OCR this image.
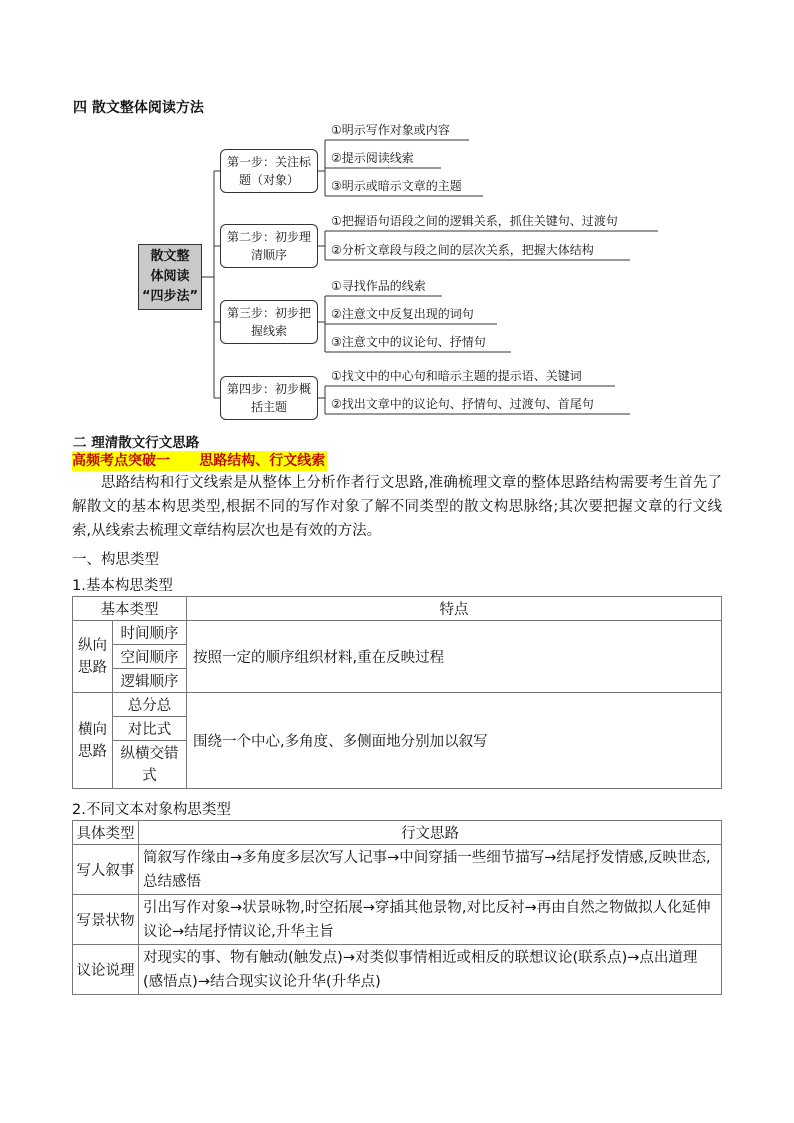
四 散文整体阅读方法
散文整
体阅读
“四步法”
第一步：关注标题（对象）
第二步：初步理清顺序
第三步：初步把握线索
第四步：初步概括主题
①明示写作对象或内容
②提示阅读线索
③明示或暗示文章的主题
①把握语句语段之间的逻辑关系，抓住关键句、过渡句
②分析文章段与段之间的层次关系，把握大体结构
①寻找作品的线索
②注意文中反复出现的词句
③注意文中的议论句、抒情句
①找文中的中心句和暗示主题的提示语、关键词
②找出文章中的议论句、抒情句、过渡句、首尾句
二 理清散文行文思路
高频考点突破一      思路结构、行文线索
思路结构和行文线索是从整体上分析作者行文思路,准确梳理文章的整体思路结构需要考生首先了解散文的基本构思类型,根据不同的写作对象了解不同类型的散文构思脉络;其次要把握文章的行文线索,从线索去梳理文章结构层次也是有效的方法。
一、构思类型
1.基本构思类型
基本类型		特点
纵向思路	时间顺序	按照一定的顺序组织材料,重在反映过程
	空间顺序	
	逻辑顺序	
横向思路	总分总	围绕一个中心,多角度、多侧面地分别加以叙写
	对比式	
	纵横交错式	
2.不同文本对象构思类型
具体类型	行文思路
写人叙事	简叙写作缘由→多角度多层次写人记事→中间穿插一些细节描写→结尾抒发情感,反映世态,总结感悟
写景状物	引出写作对象→状景咏物,时空拓展→穿插其他景物,对比反衬→再由自然之物做拟人化延伸议论→结尾抒情议论,升华主旨
议论说理	对现实的事、物有触动(触发点)→对类似事情相近或相反的联想议论(联系点)→点出道理(感悟点)→结合现实议论升华(升华点)
